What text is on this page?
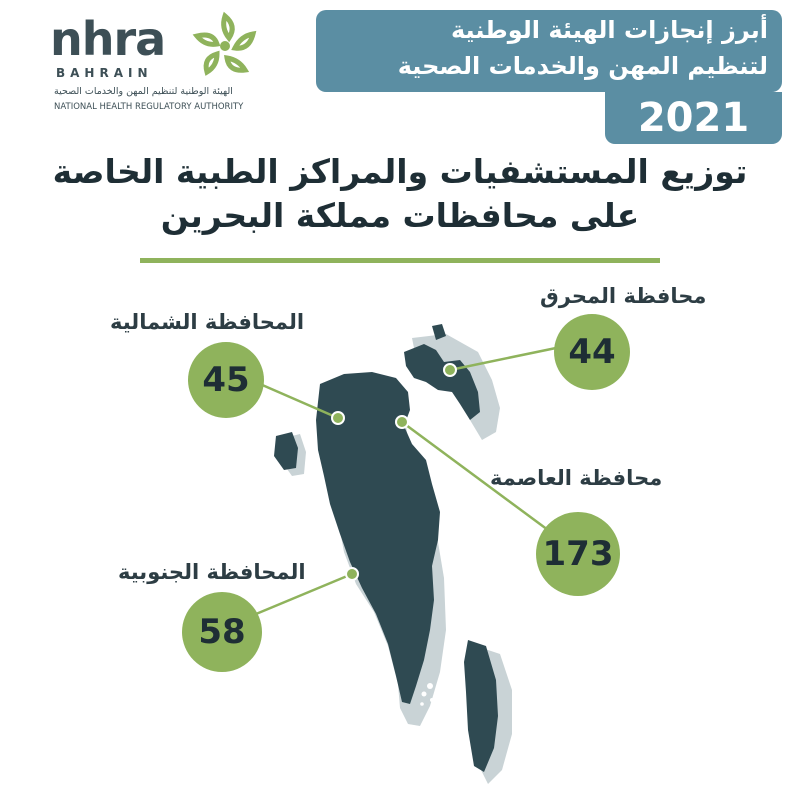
nhra
BAHRAIN
الهيئة الوطنية لتنظيم المهن والخدمات الصحية
NATIONAL HEALTH REGULATORY AUTHORITY
أبرز إنجازات الهيئة الوطنية
لتنظيم المهن والخدمات الصحية
2021
توزيع المستشفيات والمراكز الطبية الخاصة
على محافظات مملكة البحرين
محافظة المحرق
44
المحافظة الشمالية
45
محافظة العاصمة
173
المحافظة الجنوبية
58
